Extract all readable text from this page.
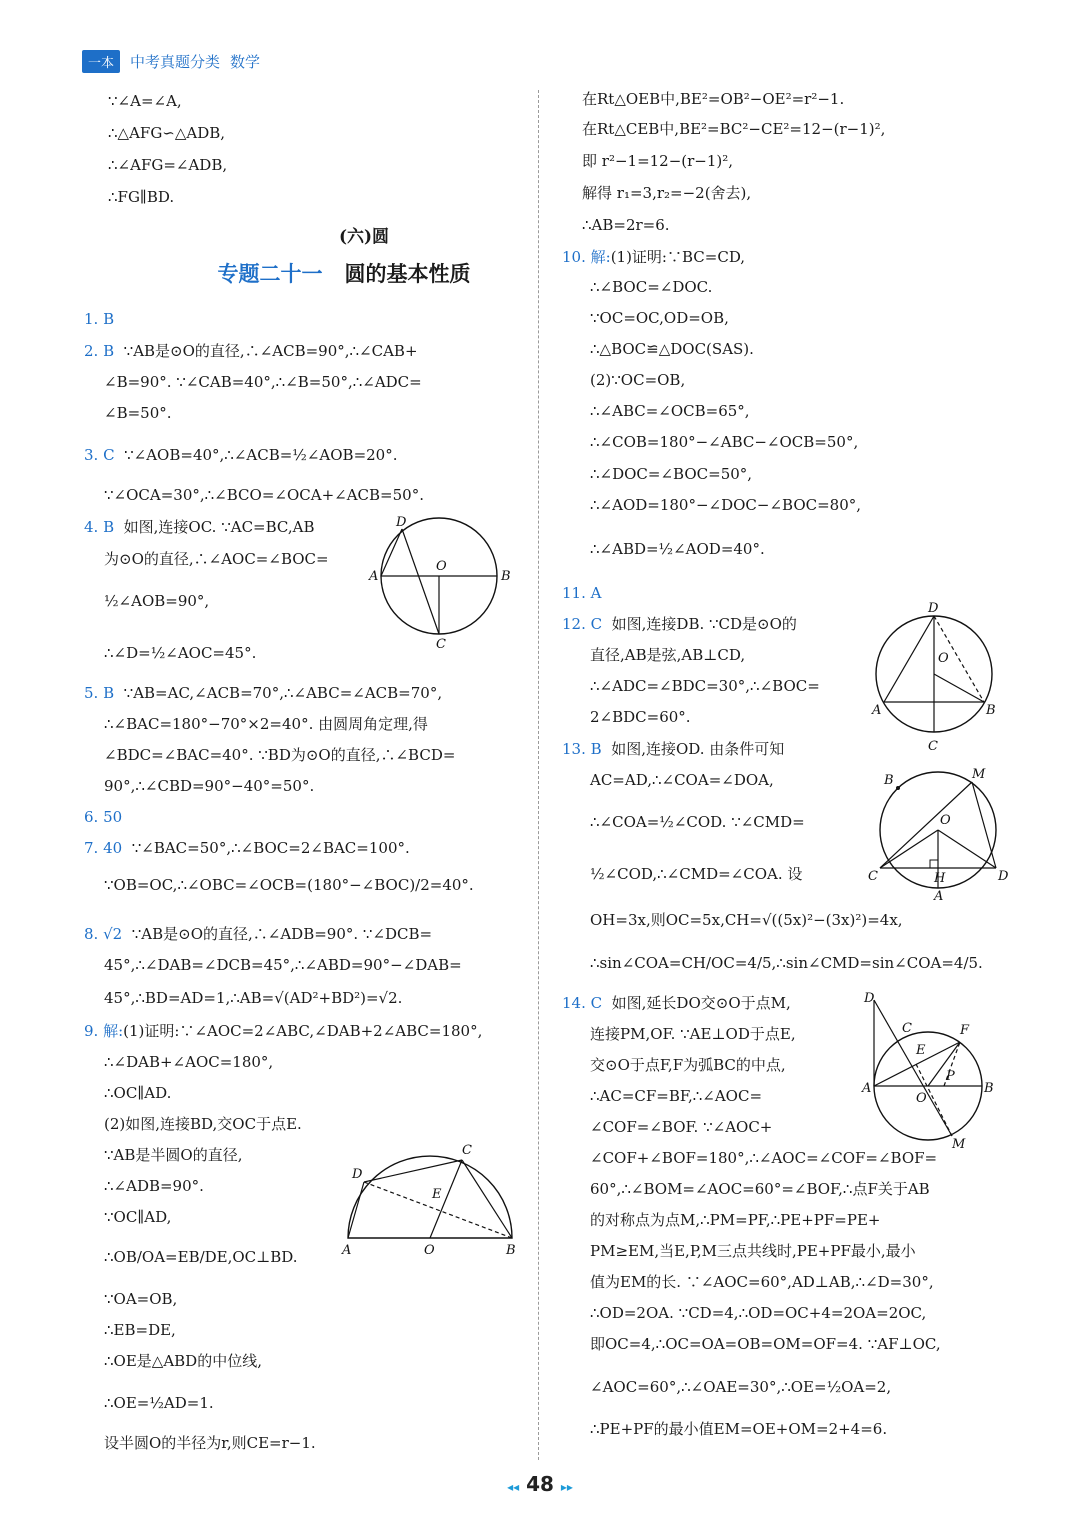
一本	中考真题分类 数学
∵∠A=∠A,
∴△AFG∽△ADB,
∴∠AFG=∠ADB,
∴FG∥BD.
(六)圆
专题二十一 圆的基本性质
1. B
2. B ∵AB是⊙O的直径,∴∠ACB=90°,∴∠CAB+
∠B=90°. ∵∠CAB=40°,∴∠B=50°,∴∠ADC=
∠B=50°.
3. C ∵∠AOB=40°,∴∠ACB=½∠AOB=20°.
∵∠OCA=30°,∴∠BCO=∠OCA+∠ACB=50°.
4. B 如图,连接OC. ∵AC=BC,AB
为⊙O的直径,∴∠AOC=∠BOC=
½∠AOB=90°,
∴∠D=½∠AOC=45°.
D
O
A	B
C
5. B ∵AB=AC,∠ACB=70°,∴∠ABC=∠ACB=70°,
∴∠BAC=180°−70°×2=40°. 由圆周角定理,得
∠BDC=∠BAC=40°. ∵BD为⊙O的直径,∴∠BCD=
90°,∴∠CBD=90°−40°=50°.
6. 50
7. 40 ∵∠BAC=50°,∴∠BOC=2∠BAC=100°.
∵OB=OC,∴∠OBC=∠OCB=(180°−∠BOC)/2=40°.
8. √2 ∵AB是⊙O的直径,∴∠ADB=90°. ∵∠DCB=
45°,∴∠DAB=∠DCB=45°,∴∠ABD=90°−∠DAB=
45°,∴BD=AD=1,∴AB=√(AD²+BD²)=√2.
9. 解:(1)证明:∵∠AOC=2∠ABC,∠DAB+2∠ABC=180°,
∴∠DAB+∠AOC=180°,
∴OC∥AD.
(2)如图,连接BD,交OC于点E.
∵AB是半圆O的直径,
∴∠ADB=90°.
∵OC∥AD,
∴OB/OA=EB/DE,OC⊥BD.
∵OA=OB,
∴EB=DE,
∴OE是△ABD的中位线,
∴OE=½AD=1.
设半圆O的半径为r,则CE=r−1.
C
D
E
A	O	B
在Rt△OEB中,BE²=OB²−OE²=r²−1.
在Rt△CEB中,BE²=BC²−CE²=12−(r−1)²,
即 r²−1=12−(r−1)²,
解得 r₁=3,r₂=−2(舍去),
∴AB=2r=6.
10. 解:(1)证明:∵BC=CD,
∴∠BOC=∠DOC.
∵OC=OC,OD=OB,
∴△BOC≌△DOC(SAS).
(2)∵OC=OB,
∴∠ABC=∠OCB=65°,
∴∠COB=180°−∠ABC−∠OCB=50°,
∴∠DOC=∠BOC=50°,
∴∠AOD=180°−∠DOC−∠BOC=80°,
∴∠ABD=½∠AOD=40°.
11. A
12. C 如图,连接DB. ∵CD是⊙O的
直径,AB是弦,AB⊥CD,
∴∠ADC=∠BDC=30°,∴∠BOC=
2∠BDC=60°.
D
O
A	B
C
13. B 如图,连接OD. 由条件可知
AC=AD,∴∠COA=∠DOA,
∴∠COA=½∠COD. ∵∠CMD=
½∠COD,∴∠CMD=∠COA. 设
OH=3x,则OC=5x,CH=√((5x)²−(3x)²)=4x,
∴sin∠COA=CH/OC=4/5,∴sin∠CMD=sin∠COA=4/5.
B	M
O
C	H	D
A
14. C 如图,延长DO交⊙O于点M,
连接PM,OF. ∵AE⊥OD于点E,
交⊙O于点F,F为弧BC的中点,
∴AC=CF=BF,∴∠AOC=
∠COF=∠BOF. ∵∠AOC+
∠COF+∠BOF=180°,∴∠AOC=∠COF=∠BOF=
60°,∴∠BOM=∠AOC=60°=∠BOF,∴点F关于AB
的对称点为点M,∴PM=PF,∴PE+PF=PE+
PM≥EM,当E,P,M三点共线时,PE+PF最小,最小
值为EM的长. ∵∠AOC=60°,AD⊥AB,∴∠D=30°,
∴OD=2OA. ∵CD=4,∴OD=OC+4=2OA=2OC,
即OC=4,∴OC=OA=OB=OM=OF=4. ∵AF⊥OC,
∠AOC=60°,∴∠OAE=30°,∴OE=½OA=2,
∴PE+PF的最小值EM=OE+OM=2+4=6.
D
C	F
E
A
P
B
O
M
◂◂ 48 ▸▸
